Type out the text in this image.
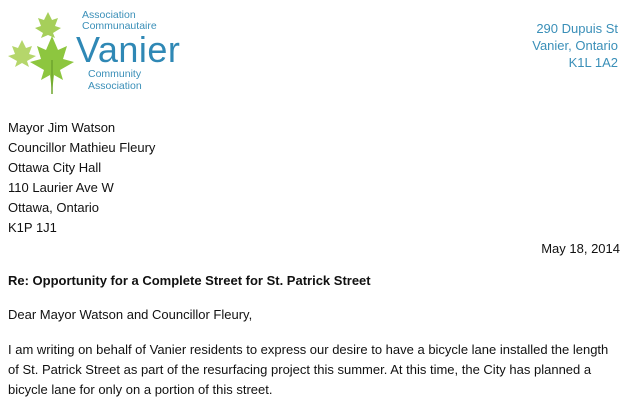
Association
Communautaire
Vanier
Community
Association
290 Dupuis St
Vanier, Ontario
K1L 1A2
Mayor Jim Watson
Councillor Mathieu Fleury
Ottawa City Hall
110 Laurier Ave W
Ottawa, Ontario
K1P 1J1
May 18, 2014
Re: Opportunity for a Complete Street for St. Patrick Street
Dear Mayor Watson and Councillor Fleury,
I am writing on behalf of Vanier residents to express our desire to have a bicycle lane installed the length
of St. Patrick Street as part of the resurfacing project this summer. At this time, the City has planned a
bicycle lane for only on a portion of this street.
